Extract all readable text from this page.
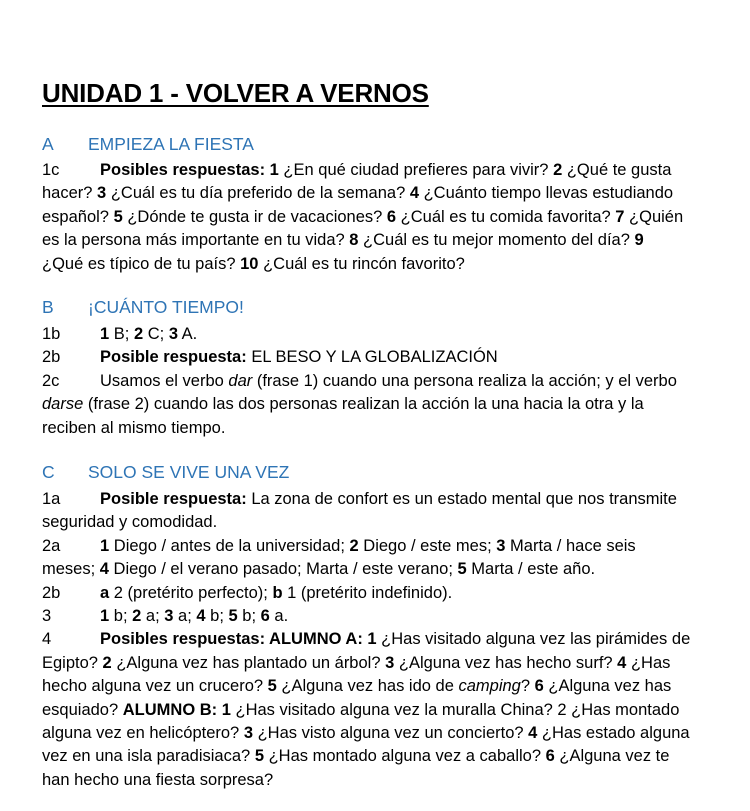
UNIDAD 1 - VOLVER A VERNOS
A EMPIEZA LA FIESTA
1c Posibles respuestas: 1 ¿En qué ciudad prefieres para vivir? 2 ¿Qué te gusta
hacer? 3 ¿Cuál es tu día preferido de la semana? 4 ¿Cuánto tiempo llevas estudiando
español? 5 ¿Dónde te gusta ir de vacaciones? 6 ¿Cuál es tu comida favorita? 7 ¿Quién
es la persona más importante en tu vida? 8 ¿Cuál es tu mejor momento del día? 9
¿Qué es típico de tu país? 10 ¿Cuál es tu rincón favorito?
B ¡CUÁNTO TIEMPO!
1b 1 B; 2 C; 3 A.
2b Posible respuesta: EL BESO Y LA GLOBALIZACIÓN
2c Usamos el verbo dar (frase 1) cuando una persona realiza la acción; y el verbo
darse (frase 2) cuando las dos personas realizan la acción la una hacia la otra y la
reciben al mismo tiempo.
C SOLO SE VIVE UNA VEZ
1a Posible respuesta: La zona de confort es un estado mental que nos transmite
seguridad y comodidad.
2a 1 Diego / antes de la universidad; 2 Diego / este mes; 3 Marta / hace seis
meses; 4 Diego / el verano pasado; Marta / este verano; 5 Marta / este año.
2b a 2 (pretérito perfecto); b 1 (pretérito indefinido).
3	1 b; 2 a; 3 a; 4 b; 5 b; 6 a.
4	Posibles respuestas: ALUMNO A: 1 ¿Has visitado alguna vez las pirámides de
Egipto? 2 ¿Alguna vez has plantado un árbol? 3 ¿Alguna vez has hecho surf? 4 ¿Has
hecho alguna vez un crucero? 5 ¿Alguna vez has ido de camping? 6 ¿Alguna vez has
esquiado? ALUMNO B: 1 ¿Has visitado alguna vez la muralla China? 2 ¿Has montado
alguna vez en helicóptero? 3 ¿Has visto alguna vez un concierto? 4 ¿Has estado alguna
vez en una isla paradisiaca? 5 ¿Has montado alguna vez a caballo? 6 ¿Alguna vez te
han hecho una fiesta sorpresa?
